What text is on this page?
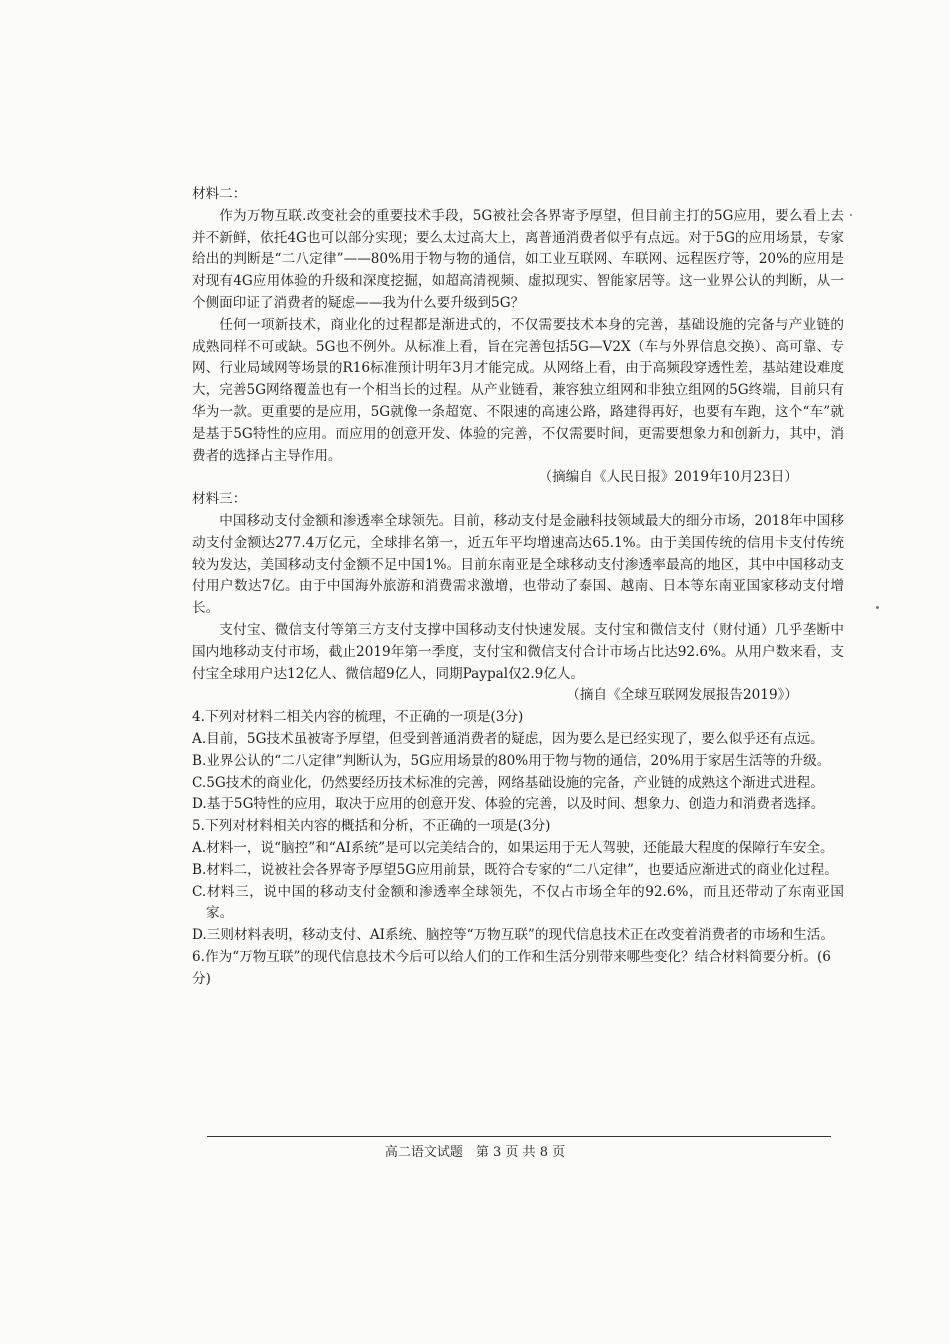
材料二：

作为万物互联.改变社会的重要技术手段，5G被社会各界寄予厚望，但目前主打的5G应用，要么看上去并不新鲜，依托4G也可以部分实现；要么太过高大上，离普通消费者似乎有点远。对于5G的应用场景，专家给出的判断是“二八定律”——80%用于物与物的通信，如工业互联网、车联网、远程医疗等，20%的应用是对现有4G应用体验的升级和深度挖掘，如超高清视频、虚拟现实、智能家居等。这一业界公认的判断，从一个侧面印证了消费者的疑虑——我为什么要升级到5G？

任何一项新技术，商业化的过程都是渐进式的，不仅需要技术本身的完善，基础设施的完备与产业链的成熟同样不可或缺。5G也不例外。从标准上看，旨在完善包括5G—V2X（车与外界信息交换）、高可靠、专网、行业局域网等场景的R16标准预计明年3月才能完成。从网络上看，由于高频段穿透性差，基站建设难度大，完善5G网络覆盖也有一个相当长的过程。从产业链看，兼容独立组网和非独立组网的5G终端，目前只有华为一款。更重要的是应用，5G就像一条超宽、不限速的高速公路，路建得再好，也要有车跑，这个“车”就是基于5G特性的应用。而应用的创意开发、体验的完善，不仅需要时间，更需要想象力和创新力，其中，消费者的选择占主导作用。

（摘编自《人民日报》2019年10月23日）

材料三：

中国移动支付金额和渗透率全球领先。目前，移动支付是金融科技领域最大的细分市场，2018年中国移动支付金额达277.4万亿元，全球排名第一，近五年平均增速高达65.1%。由于美国传统的信用卡支付传统较为发达，美国移动支付金额不足中国1%。目前东南亚是全球移动支付渗透率最高的地区，其中中国移动支付用户数达7亿。由于中国海外旅游和消费需求激增，也带动了泰国、越南、日本等东南亚国家移动支付增长。

支付宝、微信支付等第三方支付支撑中国移动支付快速发展。支付宝和微信支付（财付通）几乎垄断中国内地移动支付市场，截止2019年第一季度，支付宝和微信支付合计市场占比达92.6%。从用户数来看，支付宝全球用户达12亿人、微信超9亿人，同期Paypal仅2.9亿人。

（摘自《全球互联网发展报告2019》）

4.下列对材料二相关内容的梳理，不正确的一项是(3分)

A.目前，5G技术虽被寄予厚望，但受到普通消费者的疑虑，因为要么是已经实现了，要么似乎还有点远。

B.业界公认的“二八定律”判断认为，5G应用场景的80%用于物与物的通信，20%用于家居生活等的升级。

C.5G技术的商业化，仍然要经历技术标准的完善，网络基础设施的完备，产业链的成熟这个渐进式进程。

D.基于5G特性的应用，取决于应用的创意开发、体验的完善，以及时间、想象力、创造力和消费者选择。

5.下列对材料相关内容的概括和分析，不正确的一项是(3分)

A.材料一，说“脑控”和“AI系统”是可以完美结合的，如果运用于无人驾驶，还能最大程度的保障行车安全。

B.材料二，说被社会各界寄予厚望5G应用前景，既符合专家的“二八定律”，也要适应渐进式的商业化过程。

C.材料三，说中国的移动支付金额和渗透率全球领先，不仅占市场全年的92.6%，而且还带动了东南亚国家。

D.三则材料表明，移动支付、AI系统、脑控等“万物互联”的现代信息技术正在改变着消费者的市场和生活。

6.作为“万物互联”的现代信息技术今后可以给人们的工作和生活分别带来哪些变化？结合材料简要分析。(6分)

高二语文试题　第 3 页 共 8 页
